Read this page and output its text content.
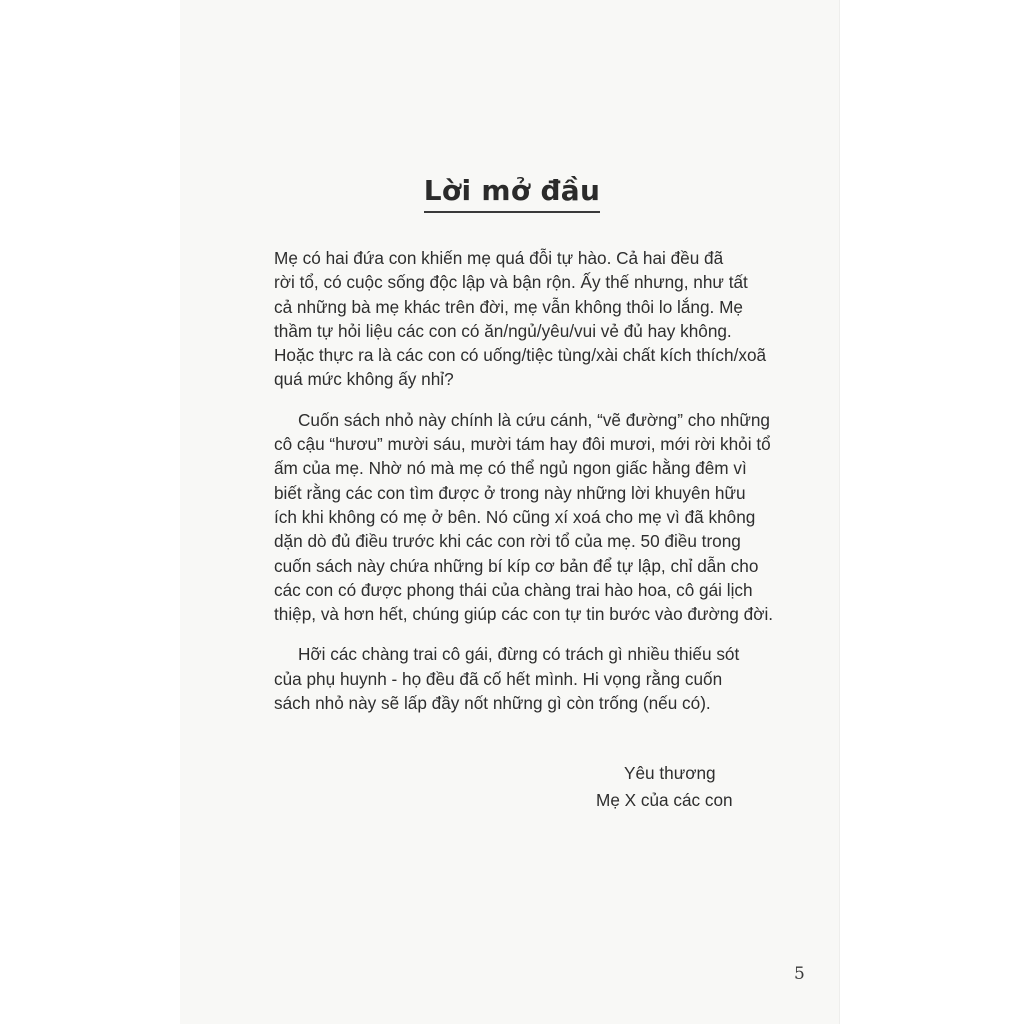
Lời mở đầu
Mẹ có hai đứa con khiến mẹ quá đỗi tự hào. Cả hai đều đã
rời tổ, có cuộc sống độc lập và bận rộn. Ấy thế nhưng, như tất
cả những bà mẹ khác trên đời, mẹ vẫn không thôi lo lắng. Mẹ
thầm tự hỏi liệu các con có ăn/ngủ/yêu/vui vẻ đủ hay không.
Hoặc thực ra là các con có uống/tiệc tùng/xài chất kích thích/xoã
quá mức không ấy nhỉ?
Cuốn sách nhỏ này chính là cứu cánh, “vẽ đường” cho những
cô cậu “hươu” mười sáu, mười tám hay đôi mươi, mới rời khỏi tổ
ấm của mẹ. Nhờ nó mà mẹ có thể ngủ ngon giấc hằng đêm vì
biết rằng các con tìm được ở trong này những lời khuyên hữu
ích khi không có mẹ ở bên. Nó cũng xí xoá cho mẹ vì đã không
dặn dò đủ điều trước khi các con rời tổ của mẹ. 50 điều trong
cuốn sách này chứa những bí kíp cơ bản để tự lập, chỉ dẫn cho
các con có được phong thái của chàng trai hào hoa, cô gái lịch
thiệp, và hơn hết, chúng giúp các con tự tin bước vào đường đời.
Hỡi các chàng trai cô gái, đừng có trách gì nhiều thiếu sót
của phụ huynh - họ đều đã cố hết mình. Hi vọng rằng cuốn
sách nhỏ này sẽ lấp đầy nốt những gì còn trống (nếu có).
Yêu thương
Mẹ X của các con
5
